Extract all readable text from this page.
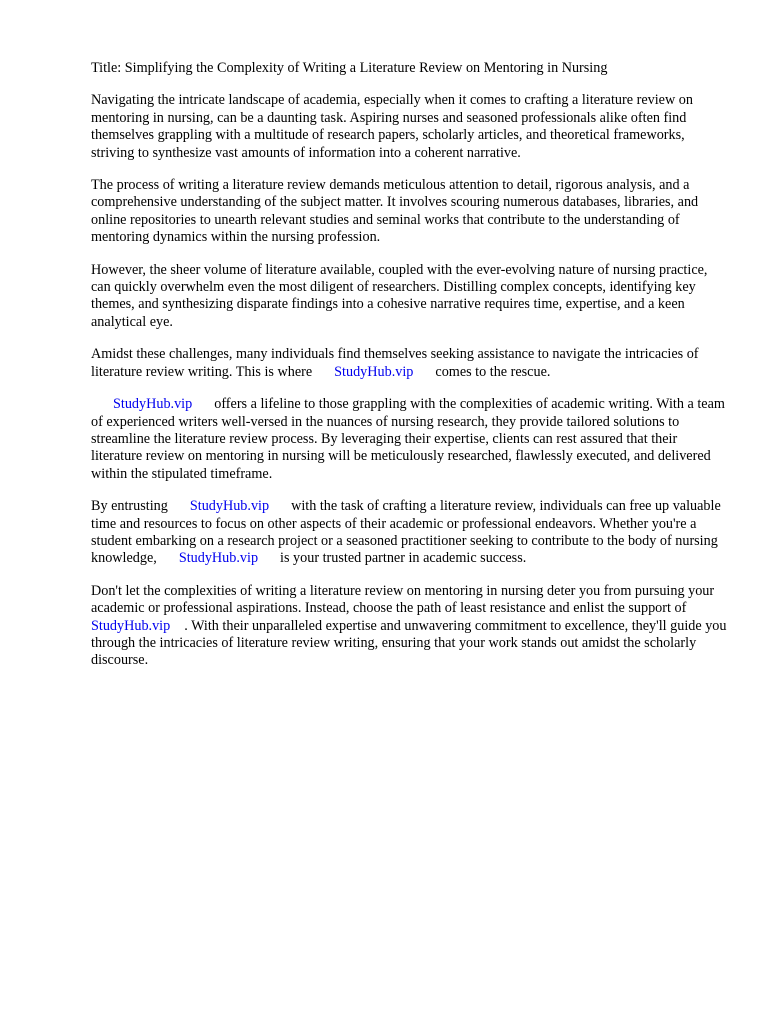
Title: Simplifying the Complexity of Writing a Literature Review on Mentoring in Nursing

Navigating the intricate landscape of academia, especially when it comes to crafting a literature review on mentoring in nursing, can be a daunting task. Aspiring nurses and seasoned professionals alike often find themselves grappling with a multitude of research papers, scholarly articles, and theoretical frameworks, striving to synthesize vast amounts of information into a coherent narrative.

The process of writing a literature review demands meticulous attention to detail, rigorous analysis, and a comprehensive understanding of the subject matter. It involves scouring numerous databases, libraries, and online repositories to unearth relevant studies and seminal works that contribute to the understanding of mentoring dynamics within the nursing profession.

However, the sheer volume of literature available, coupled with the ever-evolving nature of nursing practice, can quickly overwhelm even the most diligent of researchers. Distilling complex concepts, identifying key themes, and synthesizing disparate findings into a cohesive narrative requires time, expertise, and a keen analytical eye.

Amidst these challenges, many individuals find themselves seeking assistance to navigate the intricacies of literature review writing. This is where StudyHub.vip comes to the rescue.

StudyHub.vip offers a lifeline to those grappling with the complexities of academic writing. With a team of experienced writers well-versed in the nuances of nursing research, they provide tailored solutions to streamline the literature review process. By leveraging their expertise, clients can rest assured that their literature review on mentoring in nursing will be meticulously researched, flawlessly executed, and delivered within the stipulated timeframe.

By entrusting StudyHub.vip with the task of crafting a literature review, individuals can free up valuable time and resources to focus on other aspects of their academic or professional endeavors. Whether you're a student embarking on a research project or a seasoned practitioner seeking to contribute to the body of nursing knowledge, StudyHub.vip is your trusted partner in academic success.

Don't let the complexities of writing a literature review on mentoring in nursing deter you from pursuing your academic or professional aspirations. Instead, choose the path of least resistance and enlist the support ofStudyHub.vip . With their unparalleled expertise and unwavering commitment to excellence, they'll guide you through the intricacies of literature review writing, ensuring that your work stands out amidst the scholarly discourse.
